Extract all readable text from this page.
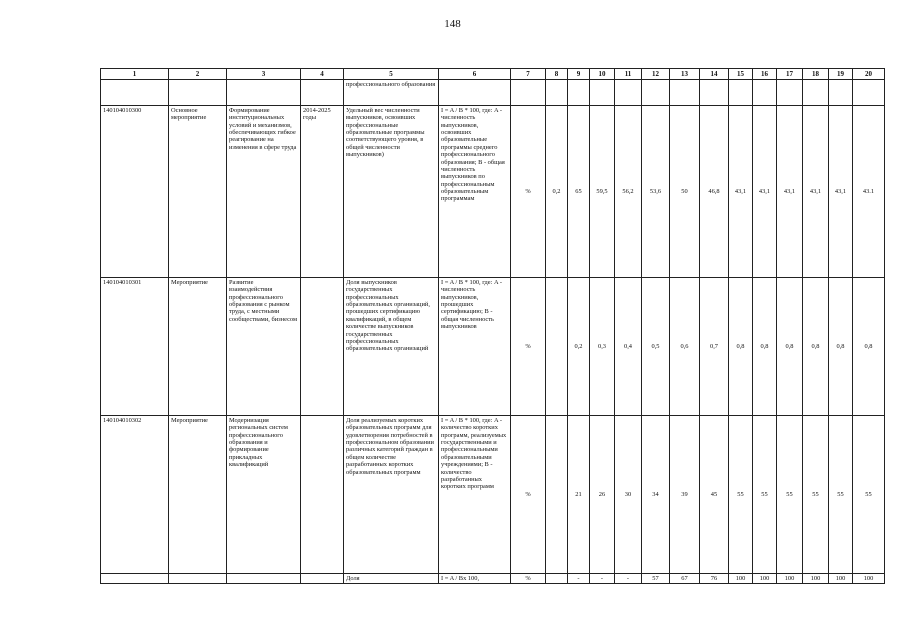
148
1	2	3	4	5	6	7	8	9	10	11	12	13	14	15	16	17	18	19	20
				профессионального образования															
140104010300	Основное мероприятие	Формирование институциональных условий и механизмов, обеспечивающих гибкое реагирование на изменения в сфере труда	2014-2025 годы	Удельный вес численности выпускников, освоивших профессиональные образовательные программы соответствующего уровня, в общей численности выпускников)	I = A / B * 100, где: A - численность выпускников, освоивших образовательные программы среднего профессионального образования; B - общая численность выпускников по профессиональным образовательным программам	%	0,2	65	59,5	56,2	53,6	50	46,8	43,1	43,1	43,1	43,1	43,1	43.1
140104010301	Мероприятие	Развитие взаимодействия профессионального образования с рынком труда, с местными сообществами, бизнесом		Доля выпускников государственных профессиональных образовательных организаций, прошедших сертификацию квалификаций, в общем количестве выпускников государственных профессиональных образовательных организаций	I = A / B * 100, где: A - численность выпускников, прошедших сертификацию; B - общая численность выпускников	%		0,2	0,3	0,4	0,5	0,6	0,7	0,8	0,8	0,8	0,8	0,8	0,8
140104010302	Мероприятие	Модернизация региональных систем профессионального образования и формирование прикладных квалификаций		Доля реализуемых коротких образовательных программ для удовлетворения потребностей в профессиональном образовании различных категорий граждан в общем количестве разработанных коротких образовательных программ	I = A / B * 100, где: A - количество коротких программ, реализуемых государственными и профессиональными образовательными учреждениями; B - количество разработанных коротких программ	%		21	26	30	34	39	45	55	55	55	55	55	55
				Доля	I = A / Bx 100,	%		-	-	-	57	67	76	100	100	100	100	100	100
